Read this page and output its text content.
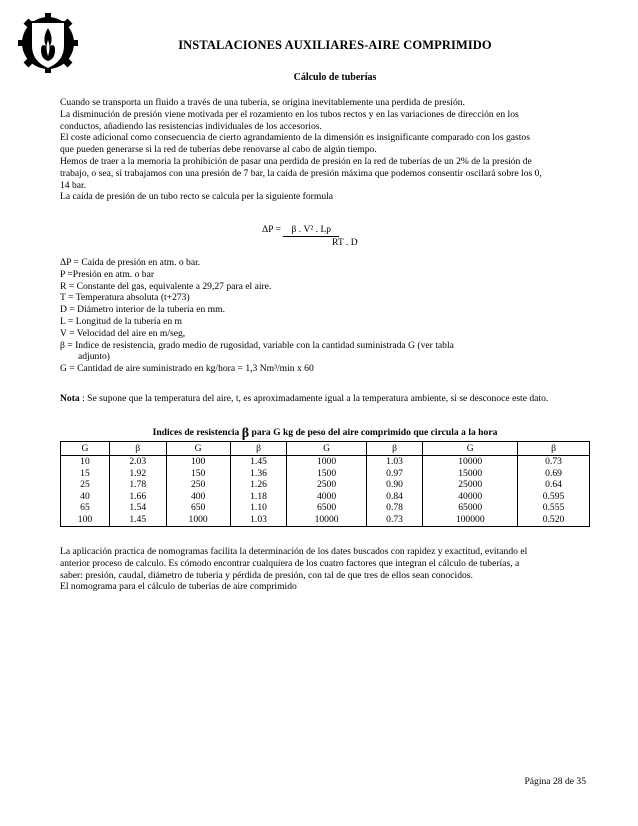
INSTALACIONES AUXILIARES-AIRE COMPRIMIDO
Cálculo de tuberías

Cuando se transporta un fluido a través de una tubería, se origina inevitablemente una perdida de presión.

La disminución de presión viene motivada per el rozamiento en los tubos rectos y en las variaciones de dirección en los

conductos, añadiendo las resistencias individuales de los accesorios.

El coste adicional como consecuencia de cierto agrandamiento de la dimensión es insignificante comparado con los gastos

que pueden generarse si la red de tuberías debe renovarse al cabo de algún tiempo.

Hemos de traer a la memoria la prohibición de pasar una perdida de presión en la red de tuberías de un 2% de la presión de

trabajo, o sea, si trabajamos con una presión de 7 bar, la caída de presión máxima que podemos consentir oscilará sobre los 0,

14 bar.

La caída de presión de un tubo recto se calcula per la siguiente formula

ΔP = β . V² . Lp
RT . D

ΔP = Caída de presión en atm. o bar.

P =Presión en atm. o bar

R = Constante del gas, equivalente a 29,27 para el aire.

T = Temperatura absoluta (t+273)

D = Diámetro interior de la tubería en mm.

L = Longitud de la tubería en m

V = Velocidad del aire en m/seg,

β = Indice de resistencia, grado medio de rugosidad, variable con la cantidad suministrada G (ver tabla

adjunto)

G = Cantidad de aire suministrado en kg/hora = 1,3 Nm³/min x 60

Nota : Se supone que la temperatura del aire, t, es aproximadamente igual a la temperatura ambiente, si se desconoce este dato.
Indices de resistencia β para G kg de peso del aire comprimido que circula a la hora
G	β	G	β	G	β	G	β
10	2.03	100	1.45	1000	1.03	10000	0.73
15	1.92	150	1.36	1500	0.97	15000	0.69
25	1.78	250	1.26	2500	0.90	25000	0.64
40	1.66	400	1.18	4000	0.84	40000	0.595
65	1.54	650	1.10	6500	0.78	65000	0.555
100	1.45	1000	1.03	10000	0.73	100000	0.520

La aplicación practica de nomogramas facilita la determinación de los dates buscados con rapidez y exactitud, evitando el

anterior proceso de calculo. Es cómodo encontrar cualquiera de los cuatro factores que integran el cálculo de tuberías, a

saber: presión, caudal, diámetro de tubería y pérdida de presión, con tal de que tres de ellos sean conocidos.

El nomograma para el cálculo de tuberías de aire comprimido

Página 28 de 35
